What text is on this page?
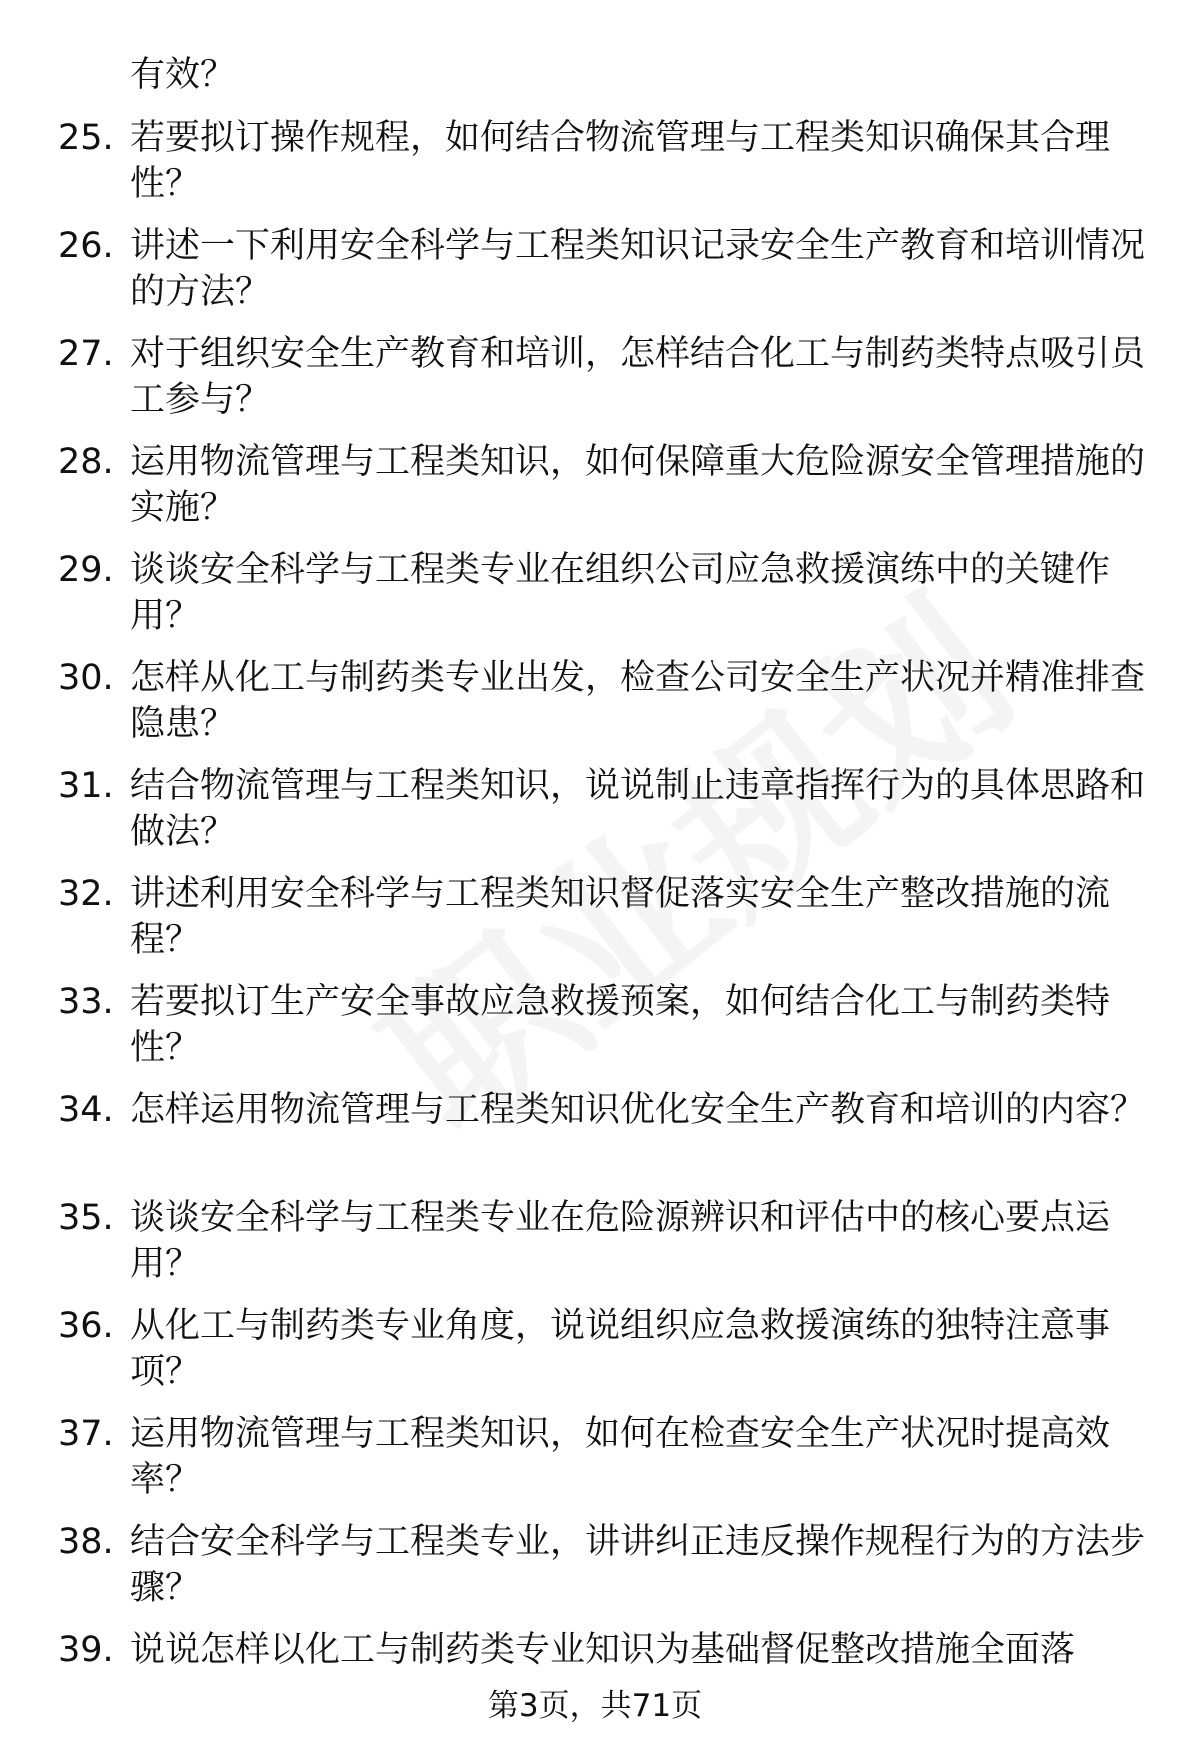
有效？
25. 若要拟订操作规程，如何结合物流管理与工程类知识确保其合理性？
26. 讲述一下利用安全科学与工程类知识记录安全生产教育和培训情况的方法？
27. 对于组织安全生产教育和培训，怎样结合化工与制药类特点吸引员工参与？
28. 运用物流管理与工程类知识，如何保障重大危险源安全管理措施的实施？
29. 谈谈安全科学与工程类专业在组织公司应急救援演练中的关键作用？
30. 怎样从化工与制药类专业出发，检查公司安全生产状况并精准排查隐患？
31. 结合物流管理与工程类知识，说说制止违章指挥行为的具体思路和做法？
32. 讲述利用安全科学与工程类知识督促落实安全生产整改措施的流程？
33. 若要拟订生产安全事故应急救援预案，如何结合化工与制药类特性？
34. 怎样运用物流管理与工程类知识优化安全生产教育和培训的内容？
35. 谈谈安全科学与工程类专业在危险源辨识和评估中的核心要点运用？
36. 从化工与制药类专业角度，说说组织应急救援演练的独特注意事项？
37. 运用物流管理与工程类知识，如何在检查安全生产状况时提高效率？
38. 结合安全科学与工程类专业，讲讲纠正违反操作规程行为的方法步骤？
39. 说说怎样以化工与制药类专业知识为基础督促整改措施全面落
第3页，共71页
